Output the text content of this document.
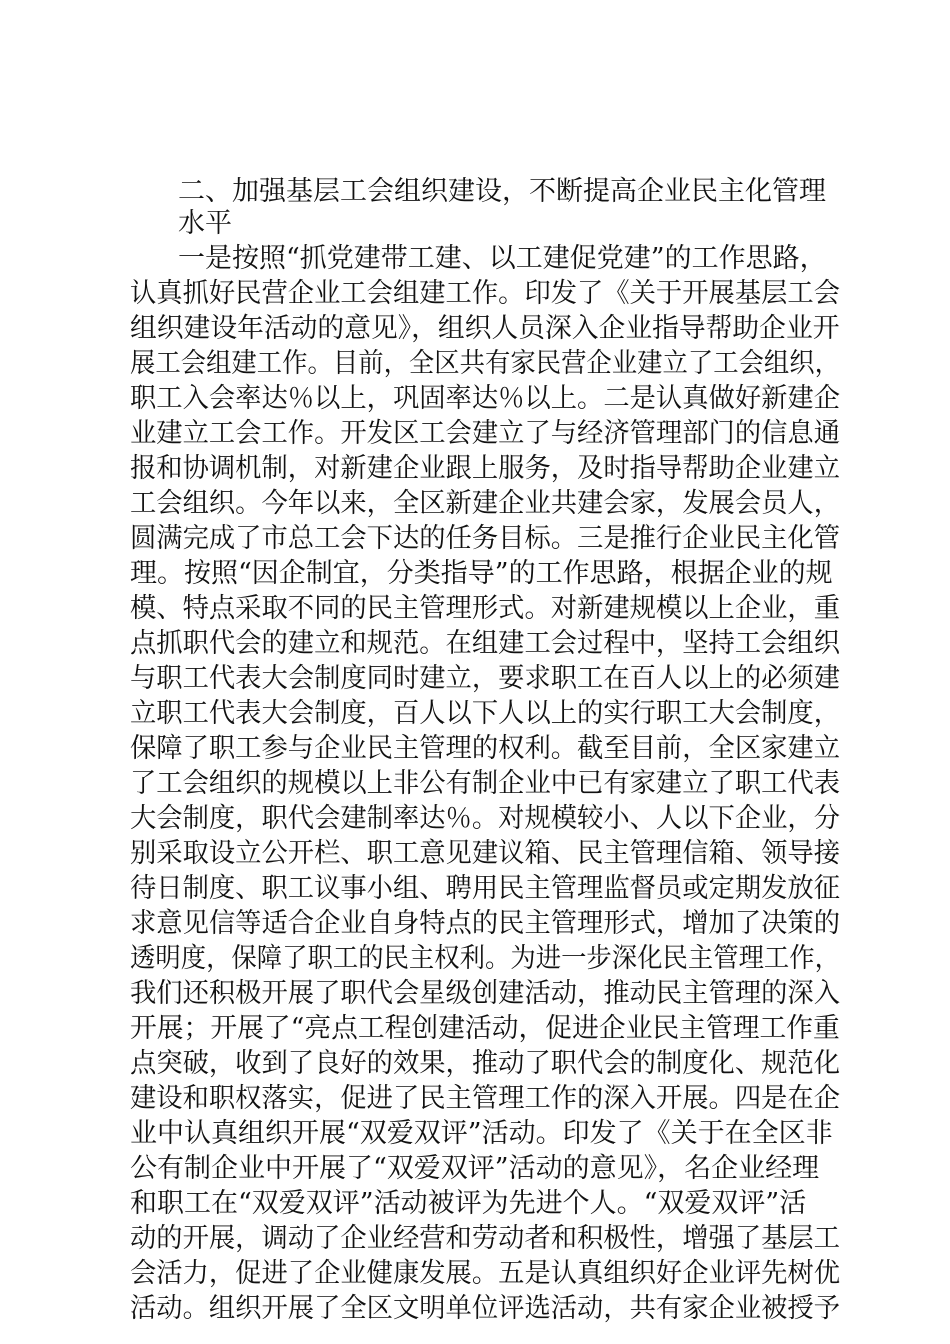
二、加强基层工会组织建设，不断提高企业民主化管理
水平
一是按照“抓党建带工建、以工建促党建”的工作思路，
认真抓好民营企业工会组建工作。印发了《关于开展基层工会
组织建设年活动的意见》，组织人员深入企业指导帮助企业开
展工会组建工作。目前，全区共有家民营企业建立了工会组织，
职工入会率达％以上，巩固率达％以上。二是认真做好新建企
业建立工会工作。开发区工会建立了与经济管理部门的信息通
报和协调机制，对新建企业跟上服务，及时指导帮助企业建立
工会组织。今年以来，全区新建企业共建会家，发展会员人，
圆满完成了市总工会下达的任务目标。三是推行企业民主化管
理。按照“因企制宜，分类指导”的工作思路，根据企业的规
模、特点采取不同的民主管理形式。对新建规模以上企业，重
点抓职代会的建立和规范。在组建工会过程中，坚持工会组织
与职工代表大会制度同时建立，要求职工在百人以上的必须建
立职工代表大会制度，百人以下人以上的实行职工大会制度，
保障了职工参与企业民主管理的权利。截至目前，全区家建立
了工会组织的规模以上非公有制企业中已有家建立了职工代表
大会制度，职代会建制率达％。对规模较小、人以下企业，分
别采取设立公开栏、职工意见建议箱、民主管理信箱、领导接
待日制度、职工议事小组、聘用民主管理监督员或定期发放征
求意见信等适合企业自身特点的民主管理形式，增加了决策的
透明度，保障了职工的民主权利。为进一步深化民主管理工作，
我们还积极开展了职代会星级创建活动，推动民主管理的深入
开展；开展了“亮点工程创建活动，促进企业民主管理工作重
点突破，收到了良好的效果，推动了职代会的制度化、规范化
建设和职权落实，促进了民主管理工作的深入开展。四是在企
业中认真组织开展“双爱双评”活动。印发了《关于在全区非
公有制企业中开展了“双爱双评”活动的意见》，名企业经理
和职工在“双爱双评”活动被评为先进个人。“双爱双评”活
动的开展，调动了企业经营和劳动者和积极性，增强了基层工
会活力，促进了企业健康发展。五是认真组织好企业评先树优
活动。组织开展了全区文明单位评选活动，共有家企业被授予
